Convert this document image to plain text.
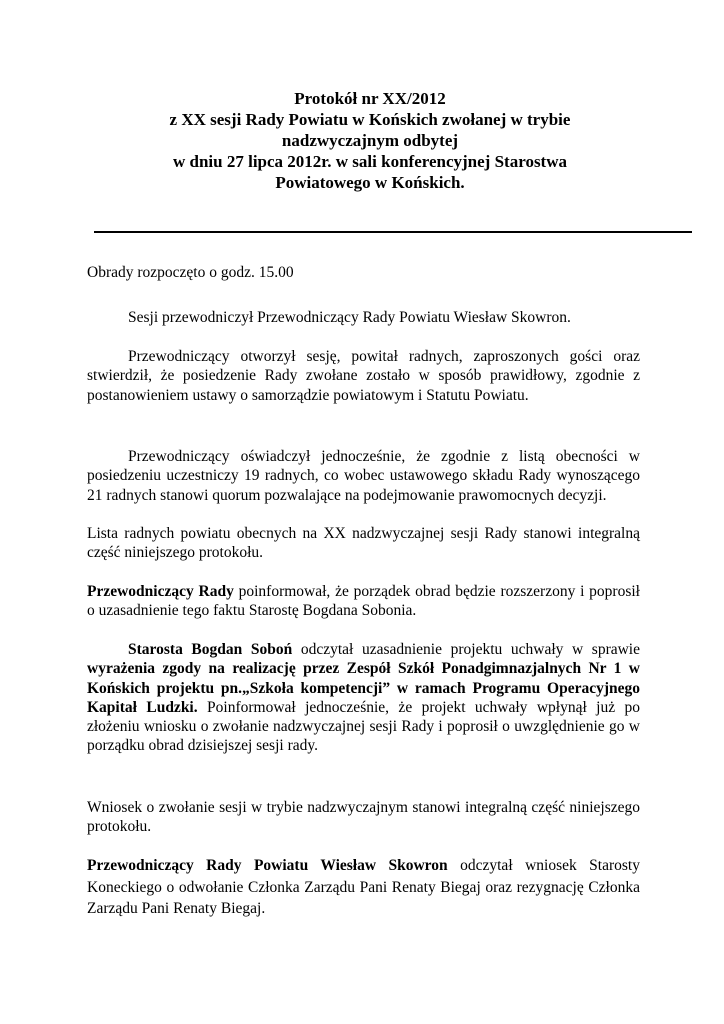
Protokół nr XX/2012
z XX sesji Rady Powiatu w Końskich zwołanej w trybie
nadzwyczajnym odbytej
w dniu 27 lipca 2012r. w sali konferencyjnej Starostwa
Powiatowego w Końskich.

Obrady rozpoczęto o godz. 15.00

Sesji przewodniczył Przewodniczący Rady Powiatu Wiesław Skowron.

Przewodniczący otworzył sesję, powitał radnych, zaproszonych gości oraz stwierdził, że posiedzenie Rady zwołane zostało w sposób prawidłowy, zgodnie z postanowieniem ustawy o samorządzie powiatowym i Statutu Powiatu.

Przewodniczący oświadczył jednocześnie, że zgodnie z listą obecności w posiedzeniu uczestniczy 19 radnych, co wobec ustawowego składu Rady wynoszącego 21 radnych stanowi quorum pozwalające na podejmowanie prawomocnych decyzji.

Lista radnych powiatu obecnych na XX nadzwyczajnej sesji Rady stanowi integralną część niniejszego protokołu.

Przewodniczący Rady poinformował, że porządek obrad będzie rozszerzony i poprosił o uzasadnienie tego faktu Starostę Bogdana Sobonia.

Starosta Bogdan Soboń odczytał uzasadnienie projektu uchwały w sprawie wyrażenia zgody na realizację przez Zespół Szkół Ponadgimnazjalnych Nr 1 w Końskich projektu pn.„Szkoła kompetencji” w ramach Programu Operacyjnego Kapitał Ludzki. Poinformował jednocześnie, że projekt uchwały wpłynął już po złożeniu wniosku o zwołanie nadzwyczajnej sesji Rady i poprosił o uwzględnienie go w porządku obrad dzisiejszej sesji rady.

Wniosek o zwołanie sesji w trybie nadzwyczajnym stanowi integralną część niniejszego protokołu.

Przewodniczący Rady Powiatu Wiesław Skowron odczytał wniosek Starosty Koneckiego o odwołanie Członka Zarządu Pani Renaty Biegaj oraz rezygnację Członka Zarządu Pani Renaty Biegaj.
